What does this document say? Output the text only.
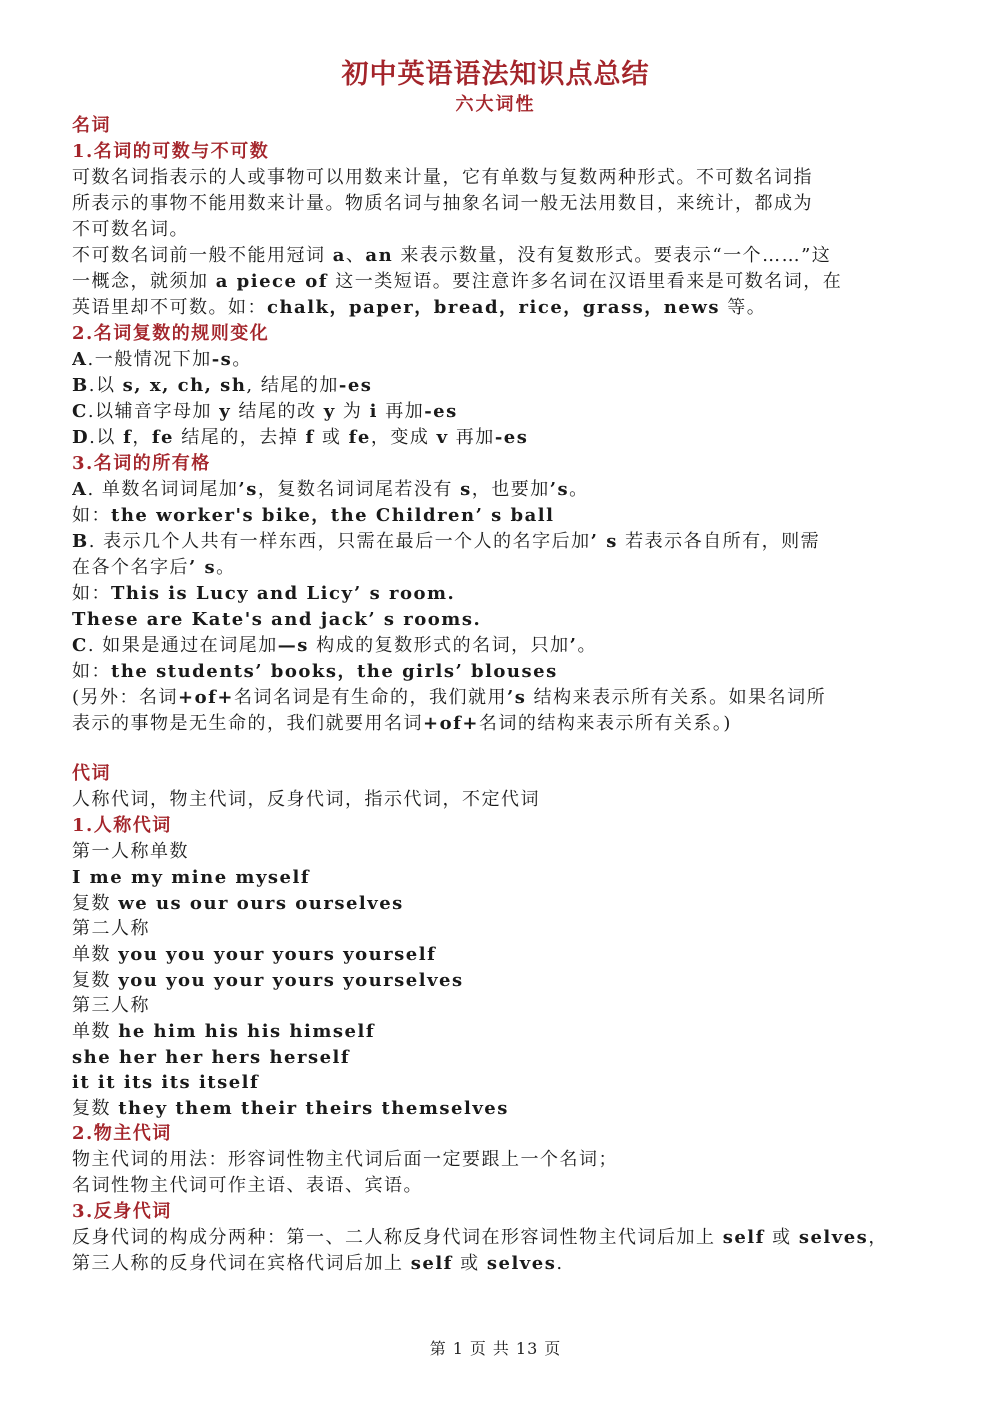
初中英语语法知识点总结
六大词性
名词
1.名词的可数与不可数
可数名词指表示的人或事物可以用数来计量，它有单数与复数两种形式。不可数名词指
所表示的事物不能用数来计量。物质名词与抽象名词一般无法用数目，来统计，都成为
不可数名词。
不可数名词前一般不能用冠词 a、an 来表示数量，没有复数形式。要表示“一个……”这
一概念，就须加 a piece of 这一类短语。要注意许多名词在汉语里看来是可数名词，在
英语里却不可数。如：chalk，paper，bread，rice，grass，news 等。
2.名词复数的规则变化
A.一般情况下加-s。
B.以 s, x, ch, sh, 结尾的加-es
C.以辅音字母加 y 结尾的改 y 为 i 再加-es
D.以 f，fe 结尾的，去掉 f 或 fe，变成 v 再加-es
3.名词的所有格
A. 单数名词词尾加’s，复数名词词尾若没有 s，也要加’s。
如：the worker's bike，the Children’ s ball
B. 表示几个人共有一样东西，只需在最后一个人的名字后加’ s 若表示各自所有，则需
在各个名字后’ s。
如：This is Lucy and Licy’ s room.
These are Kate's and jack’ s rooms.
C. 如果是通过在词尾加—s 构成的复数形式的名词，只加’。
如：the students’ books，the girls’ blouses
(另外：名词+of+名词名词是有生命的，我们就用’s 结构来表示所有关系。如果名词所
表示的事物是无生命的，我们就要用名词+of+名词的结构来表示所有关系。)
代词
人称代词，物主代词，反身代词，指示代词，不定代词
1.人称代词
第一人称单数
I me my mine myself
复数 we us our ours ourselves
第二人称
单数 you you your yours yourself
复数 you you your yours yourselves
第三人称
单数 he him his his himself
she her her hers herself
it it its its itself
复数 they them their theirs themselves
2.物主代词
物主代词的用法：形容词性物主代词后面一定要跟上一个名词；
名词性物主代词可作主语、表语、宾语。
3.反身代词
反身代词的构成分两种：第一、二人称反身代词在形容词性物主代词后加上 self 或 selves，
第三人称的反身代词在宾格代词后加上 self 或 selves.
第 1 页 共 13 页
